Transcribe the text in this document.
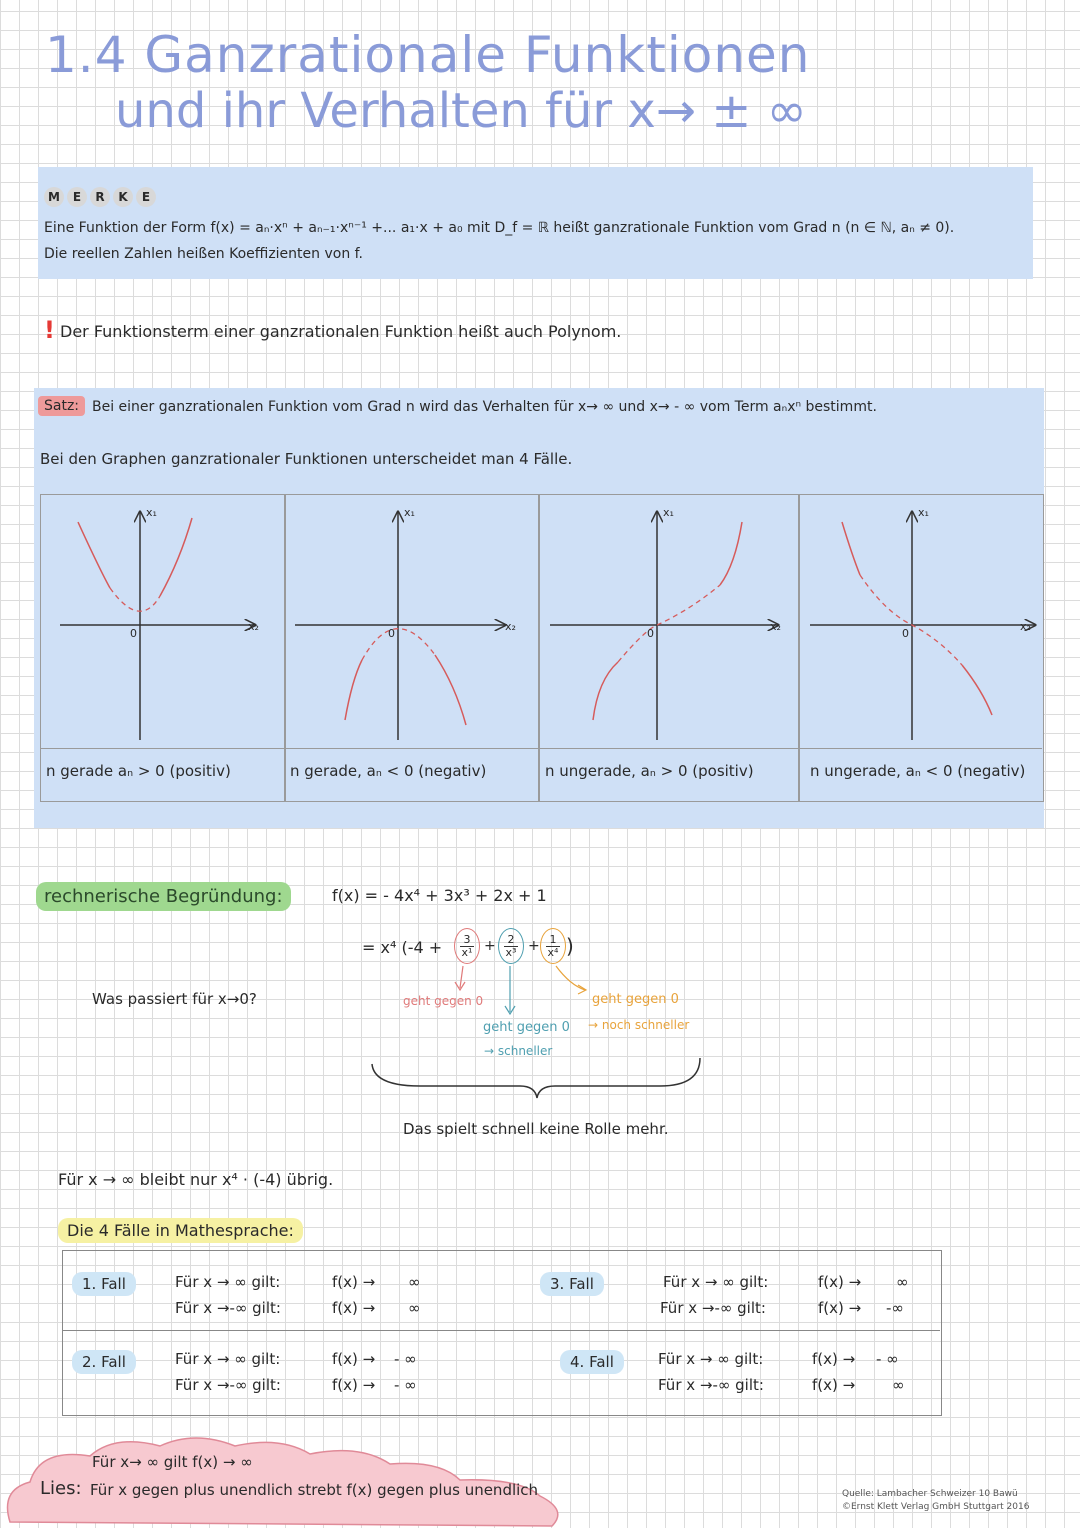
1.4 Ganzrationale Funktionen
und ihr Verhalten für x→ ± ∞
M	E	R	K	E
Eine Funktion der Form f(x) = aₙ·xⁿ + aₙ₋₁·xⁿ⁻¹ +... a₁·x + a₀ mit D_f = ℝ heißt ganzrationale Funktion vom Grad n (n ∈ ℕ, aₙ ≠ 0).
Die reellen Zahlen heißen Koeffizienten von f.
! Der Funktionsterm einer ganzrationalen Funktion heißt auch Polynom.
Satz: Bei einer ganzrationalen Funktion vom Grad n wird das Verhalten für x→ ∞ und x→ - ∞ vom Term aₙxⁿ bestimmt.
Bei den Graphen ganzrationaler Funktionen unterscheidet man 4 Fälle.
x₁
x₂
0
x₁
x₂
0
x₁
x₂
0
x₁
x₂
0
n gerade aₙ > 0 (positiv)	n gerade, aₙ < 0 (negativ)	n ungerade, aₙ > 0 (positiv)	n ungerade, aₙ < 0 (negativ)
rechnerische Begründung:	f(x) = - 4x⁴ + 3x³ + 2x + 1
= x⁴ (-4 + 3
x¹ + 2
x³ + 1
x⁴ )
Was passiert für x→0?	geht gegen 0
geht gegen 0
→ schneller
geht gegen 0
→ noch schneller
Das spielt schnell keine Rolle mehr.
Für x → ∞ bleibt nur x⁴ · (-4) übrig.
Die 4 Fälle in Mathesprache:
1. Fall	Für x → ∞ gilt:	f(x) → ∞
Für x →-∞ gilt:	f(x) → ∞
2. Fall	Für x → ∞ gilt:	f(x) → - ∞
Für x →-∞ gilt:	f(x) → - ∞
3. Fall	Für x → ∞ gilt:	f(x) → ∞
Für x →-∞ gilt:	f(x) → -∞
4. Fall	Für x → ∞ gilt:	f(x) → - ∞
Für x →-∞ gilt:	f(x) → ∞
Für x→ ∞ gilt f(x) → ∞
Lies: Für x gegen plus unendlich strebt f(x) gegen plus unendlich	Quelle: Lambacher Schweizer 10 Bawü
©Ernst Klett Verlag GmbH Stuttgart 2016
